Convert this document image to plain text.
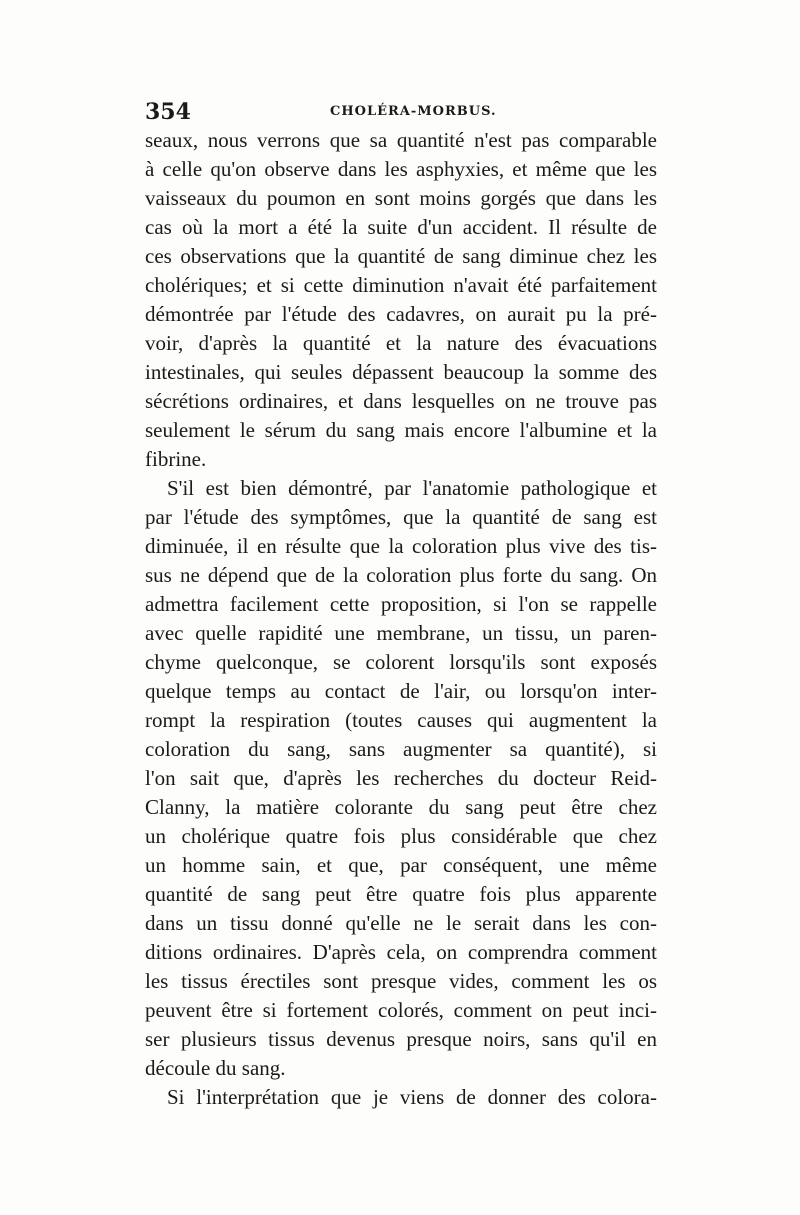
354	CHOLÉRA-MORBUS.
seaux, nous verrons que sa quantité n'est pas comparable
à celle qu'on observe dans les asphyxies, et même que les
vaisseaux du poumon en sont moins gorgés que dans les
cas où la mort a été la suite d'un accident. Il résulte de
ces observations que la quantité de sang diminue chez les
cholériques; et si cette diminution n'avait été parfaitement
démontrée par l'étude des cadavres, on aurait pu la pré-
voir, d'après la quantité et la nature des évacuations
intestinales, qui seules dépassent beaucoup la somme des
sécrétions ordinaires, et dans lesquelles on ne trouve pas
seulement le sérum du sang mais encore l'albumine et la
fibrine.
S'il est bien démontré, par l'anatomie pathologique et
par l'étude des symptômes, que la quantité de sang est
diminuée, il en résulte que la coloration plus vive des tis-
sus ne dépend que de la coloration plus forte du sang. On
admettra facilement cette proposition, si l'on se rappelle
avec quelle rapidité une membrane, un tissu, un paren-
chyme quelconque, se colorent lorsqu'ils sont exposés
quelque temps au contact de l'air, ou lorsqu'on inter-
rompt la respiration (toutes causes qui augmentent la
coloration du sang, sans augmenter sa quantité), si
l'on sait que, d'après les recherches du docteur Reid-
Clanny, la matière colorante du sang peut être chez
un cholérique quatre fois plus considérable que chez
un homme sain, et que, par conséquent, une même
quantité de sang peut être quatre fois plus apparente
dans un tissu donné qu'elle ne le serait dans les con-
ditions ordinaires. D'après cela, on comprendra comment
les tissus érectiles sont presque vides, comment les os
peuvent être si fortement colorés, comment on peut inci-
ser plusieurs tissus devenus presque noirs, sans qu'il en
découle du sang.
Si l'interprétation que je viens de donner des colora-
